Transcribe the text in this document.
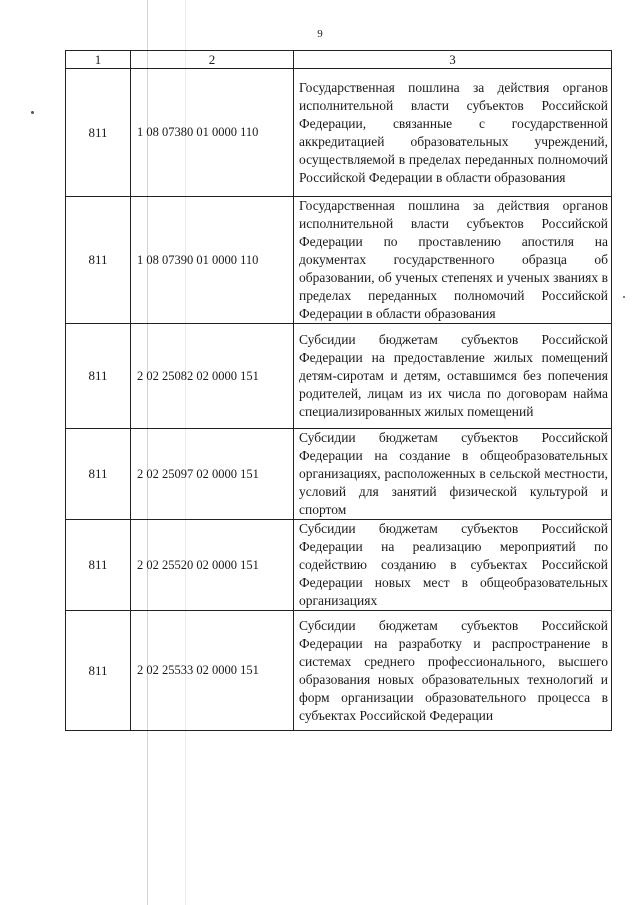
9
1	2	3
811	1 08 07380 01 0000 110	Государственная пошлина за действия органов исполнительной власти субъектов Российской Федерации, связанные с государственной аккредитацией образовательных учреждений, осуществляемой в пределах переданных полномочий Российской Федерации в области образования
811	1 08 07390 01 0000 110	Государственная пошлина за действия органов исполнительной власти субъектов Российской Федерации по проставлению апостиля на документах государственного образца об образовании, об ученых степенях и ученых званиях в пределах переданных полномочий Российской Федерации в области образования
811	2 02 25082 02 0000 151	Субсидии бюджетам субъектов Российской Федерации на предоставление жилых помещений детям-сиротам и детям, оставшимся без попечения родителей, лицам из их числа по договорам найма специализированных жилых помещений
811	2 02 25097 02 0000 151	Субсидии бюджетам субъектов Российской Федерации на создание в общеобразовательных организациях, расположенных в сельской местности, условий для занятий физической культурой и спортом
811	2 02 25520 02 0000 151	Субсидии бюджетам субъектов Российской Федерации на реализацию мероприятий по содействию созданию в субъектах Российской Федерации новых мест в общеобразовательных организациях
811	2 02 25533 02 0000 151	Субсидии бюджетам субъектов Российской Федерации на разработку и распространение в системах среднего профессионального, высшего образования новых образовательных технологий и форм организации образовательного процесса в субъектах Российской Федерации
